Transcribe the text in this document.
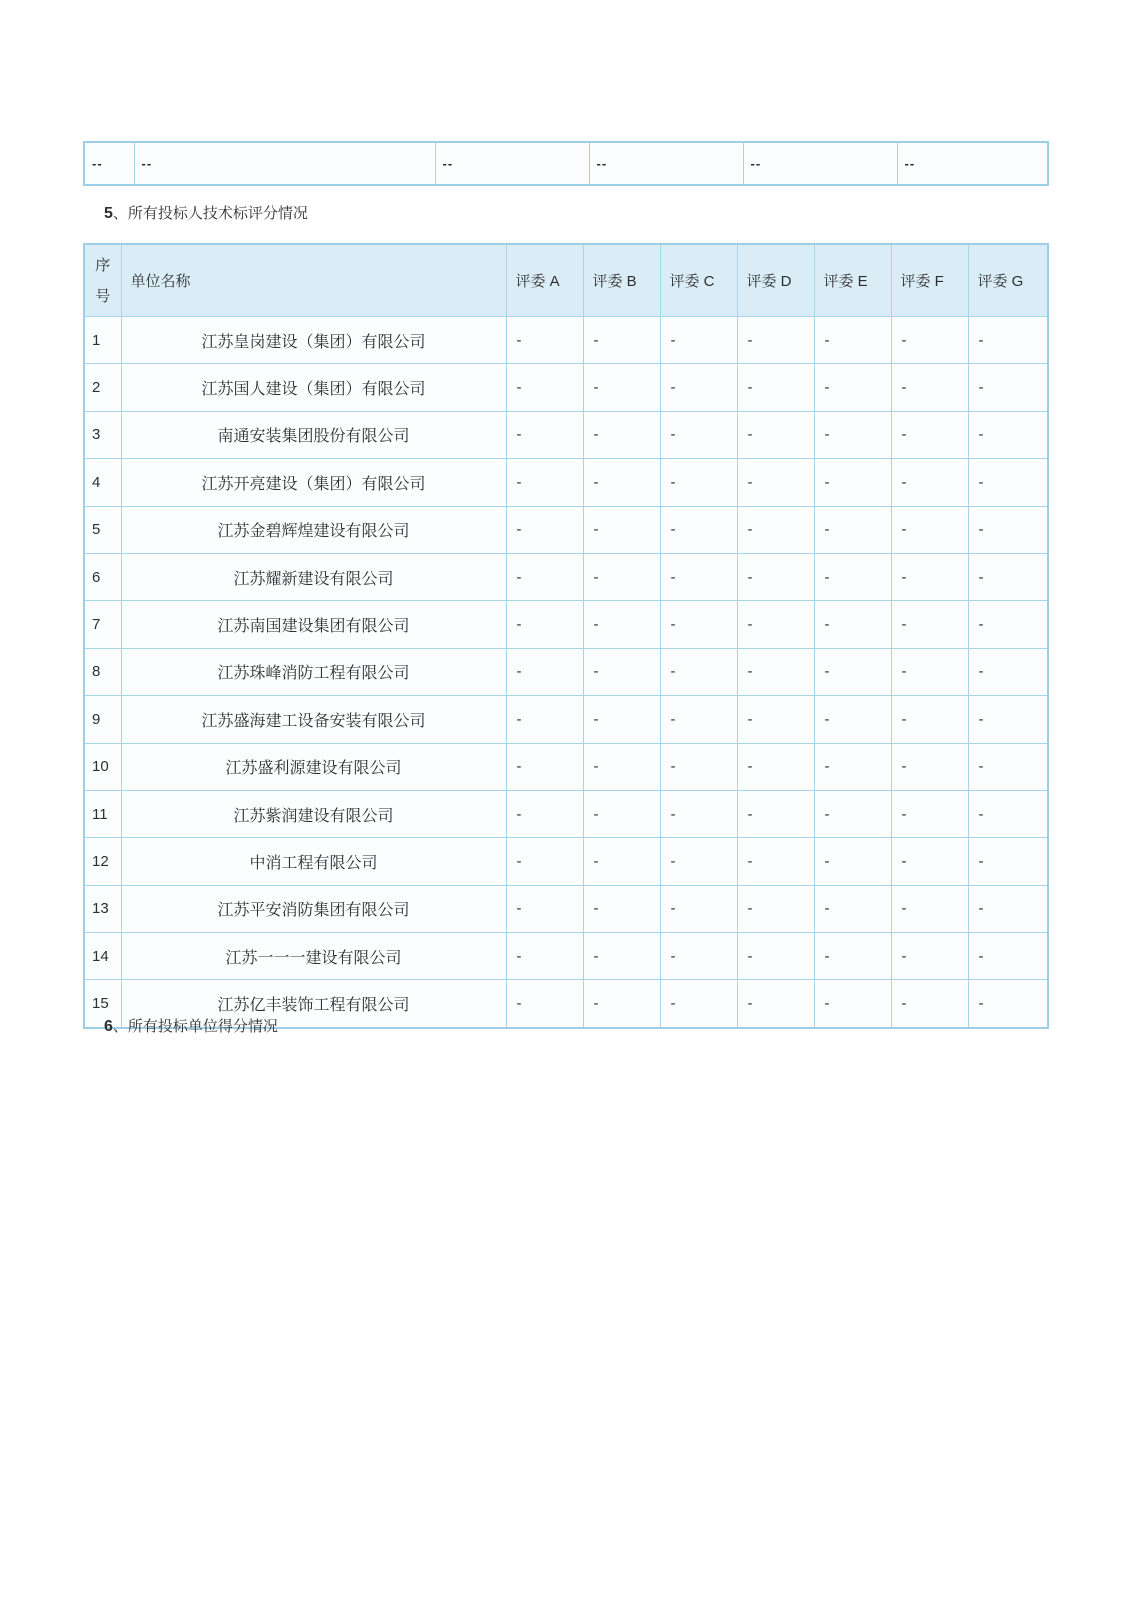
--	--	--	--	--	--
5、所有投标人技术标评分情况
序
号	单位名称	评委 A	评委 B	评委 C	评委 D	评委 E	评委 F	评委 G
1	江苏皇岗建设（集团）有限公司	-	-	-	-	-	-	-
2	江苏国人建设（集团）有限公司	-	-	-	-	-	-	-
3	南通安装集团股份有限公司	-	-	-	-	-	-	-
4	江苏开亮建设（集团）有限公司	-	-	-	-	-	-	-
5	江苏金碧辉煌建设有限公司	-	-	-	-	-	-	-
6	江苏耀新建设有限公司	-	-	-	-	-	-	-
7	江苏南国建设集团有限公司	-	-	-	-	-	-	-
8	江苏珠峰消防工程有限公司	-	-	-	-	-	-	-
9	江苏盛海建工设备安装有限公司	-	-	-	-	-	-	-
10	江苏盛利源建设有限公司	-	-	-	-	-	-	-
11	江苏紫润建设有限公司	-	-	-	-	-	-	-
12	中消工程有限公司	-	-	-	-	-	-	-
13	江苏平安消防集团有限公司	-	-	-	-	-	-	-
14	江苏一一一建设有限公司	-	-	-	-	-	-	-
15	江苏亿丰装饰工程有限公司	-	-	-	-	-	-	-
6、所有投标单位得分情况
